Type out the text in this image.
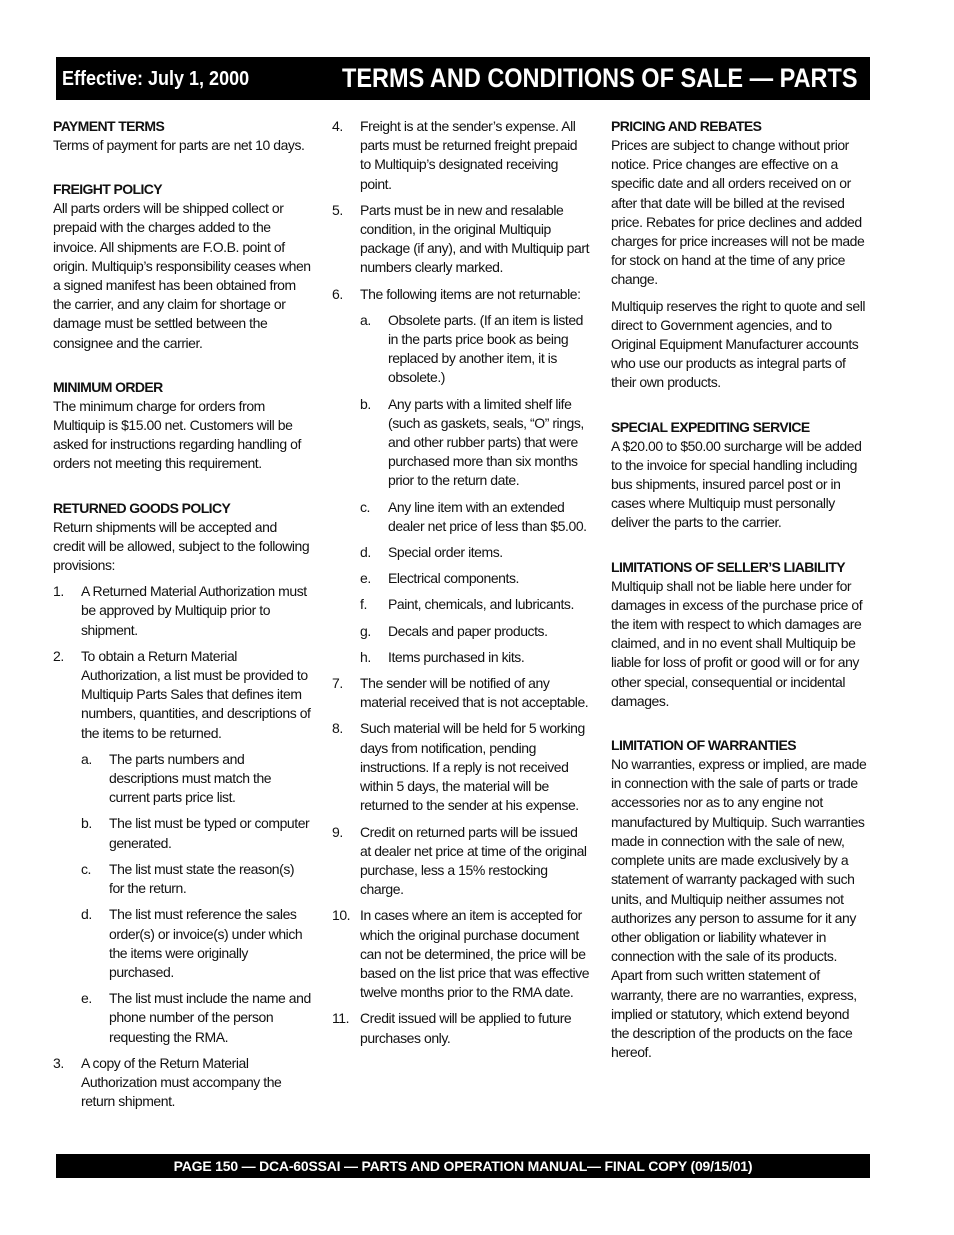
Effective: July 1, 2000	TERMS AND CONDITIONS OF SALE — PARTS

PAYMENT TERMS

Terms of payment for parts are net 10 days.

FREIGHT POLICY

All parts orders will be shipped collect or prepaid with the charges added to the invoice. All shipments are F.O.B. point of origin. Multiquip’s responsibility ceases when a signed manifest has been obtained from the carrier, and any claim for shortage or damage must be settled between the consignee and the carrier.

MINIMUM ORDER

The minimum charge for orders from Multiquip is $15.00 net. Customers will be asked for instructions regarding handling of orders not meeting this requirement.

RETURNED GOODS POLICY

Return shipments will be accepted and credit will be allowed, subject to the following provisions:

1. A Returned Material Authorization must be approved by Multiquip prior to shipment.
2. To obtain a Return Material Authorization, a list must be provided to Multiquip Parts Sales that defines item numbers, quantities, and descriptions of the items to be returned.
a. The parts numbers and descriptions must match the current parts price list.
b. The list must be typed or computer generated.
c. The list must state the reason(s) for the return.
d. The list must reference the sales order(s) or invoice(s) under which the items were originally purchased.
e. The list must include the name and phone number of the person requesting the RMA.
3. A copy of the Return Material Authorization must accompany the return shipment.
4. Freight is at the sender’s expense. All parts must be returned freight prepaid to Multiquip’s designated receiving point.
5. Parts must be in new and resalable condition, in the original Multiquip package (if any), and with Multiquip part numbers clearly marked.
6. The following items are not returnable:
a. Obsolete parts. (If an item is listed in the parts price book as being replaced by another item, it is obsolete.)
b. Any parts with a limited shelf life (such as gaskets, seals, “O” rings, and other rubber parts) that were purchased more than six months prior to the return date.
c. Any line item with an extended dealer net price of less than $5.00.
d. Special order items.
e. Electrical components.
f. Paint, chemicals, and lubricants.
g. Decals and paper products.
h. Items purchased in kits.
7. The sender will be notified of any material received that is not acceptable.
8. Such material will be held for 5 working days from notification, pending instructions. If a reply is not received within 5 days, the material will be returned to the sender at his expense.
9. Credit on returned parts will be issued at dealer net price at time of the original purchase, less a 15% restocking charge.
10. In cases where an item is accepted for which the original purchase document can not be determined, the price will be based on the list price that was effective twelve months prior to the RMA date.
11. Credit issued will be applied to future purchases only.

PRICING AND REBATES

Prices are subject to change without prior notice. Price changes are effective on a specific date and all orders received on or after that date will be billed at the revised price. Rebates for price declines and added charges for price increases will not be made for stock on hand at the time of any price change.

Multiquip reserves the right to quote and sell direct to Government agencies, and to Original Equipment Manufacturer accounts who use our products as integral parts of their own products.

SPECIAL EXPEDITING SERVICE

A $20.00 to $50.00 surcharge will be added to the invoice for special handling including bus shipments, insured parcel post or in cases where Multiquip must personally deliver the parts to the carrier.

LIMITATIONS OF SELLER’S LIABILITY

Multiquip shall not be liable here under for damages in excess of the purchase price of the item with respect to which damages are claimed, and in no event shall Multiquip be liable for loss of profit or good will or for any other special, consequential or incidental damages.

LIMITATION OF WARRANTIES

No warranties, express or implied, are made in connection with the sale of parts or trade accessories nor as to any engine not manufactured by Multiquip. Such warranties made in connection with the sale of new, complete units are made exclusively by a statement of warranty packaged with such units, and Multiquip neither assumes not authorizes any person to assume for it any other obligation or liability whatever in connection with the sale of its products. Apart from such written statement of warranty, there are no warranties, express, implied or statutory, which extend beyond the description of the products on the face hereof.

PAGE 150 — DCA-60SSAI — PARTS AND OPERATION MANUAL— FINAL COPY (09/15/01)
